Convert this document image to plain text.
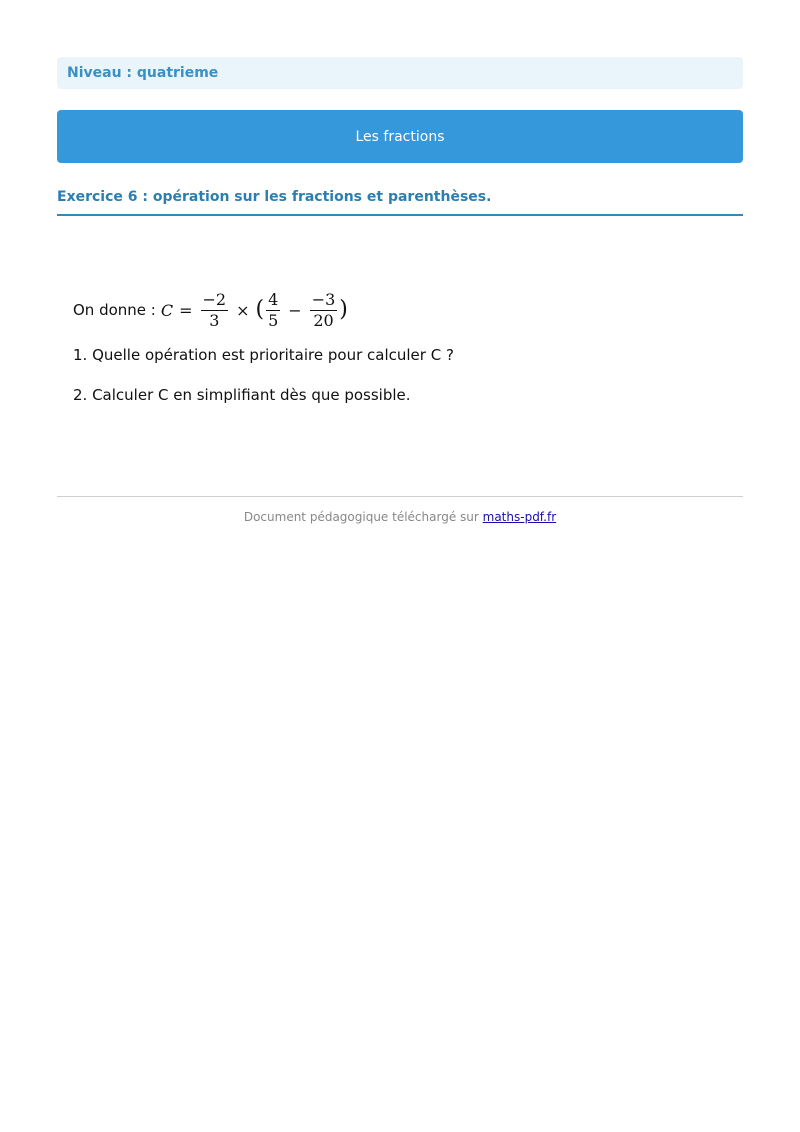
Niveau : quatrieme
Les fractions
Exercice 6 : opération sur les fractions et parenthèses.
On donne : $C = \frac{-2}{3}$ × ( $\frac{4}{5} - \frac{-3}{20}$ )
1. Quelle opération est prioritaire pour calculer C ?
2. Calculer C en simplifiant dès que possible.
Document pédagogique téléchargé sur maths-pdf.fr
